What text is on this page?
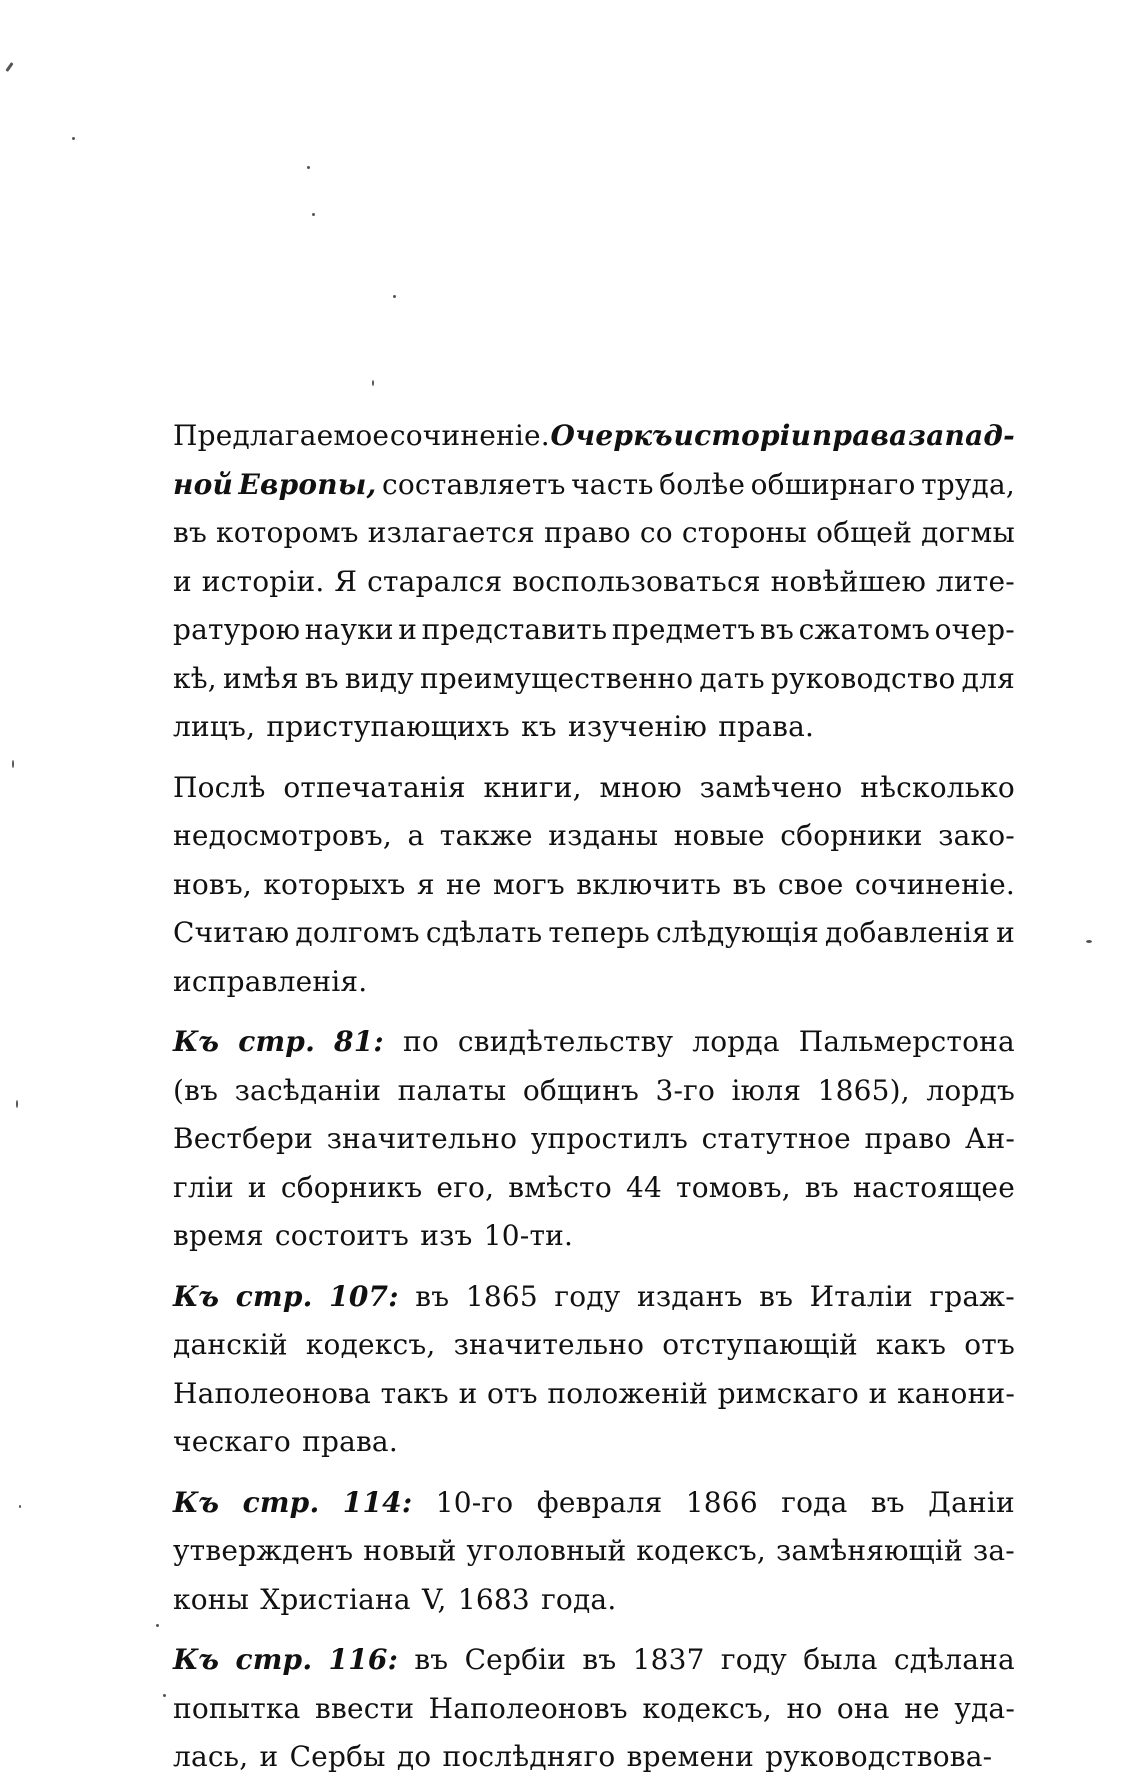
Предлагаемое сочиненіе. Очеркъ исторіи права запад-
ной Европы, составляетъ часть болѣе обширнаго труда,
въ которомъ излагается право со стороны общей догмы
и исторіи. Я старался воспользоваться новѣйшею лите-
ратурою науки и представить предметъ въ сжатомъ очер-
кѣ, имѣя въ виду преимущественно дать руководство для
лицъ, приступающихъ къ изученію права.
Послѣ отпечатанія книги, мною замѣчено нѣсколько
недосмотровъ, а также изданы новые сборники зако-
новъ, которыхъ я не могъ включить въ свое сочиненіе.
Считаю долгомъ сдѣлать теперь слѣдующія добавленія и
исправленія.
Къ стр. 81: по свидѣтельству лорда Пальмерстона
(въ засѣданіи палаты общинъ 3-го іюля 1865), лордъ
Вестбери значительно упростилъ статутное право Ан-
гліи и сборникъ его, вмѣсто 44 томовъ, въ настоящее
время состоитъ изъ 10-ти.
Къ стр. 107: въ 1865 году изданъ въ Италіи граж-
данскій кодексъ, значительно отступающій какъ отъ
Наполеонова такъ и отъ положеній римскаго и канони-
ческаго права.
Къ стр. 114: 10-го февраля 1866 года въ Даніи
утвержденъ новый уголовный кодексъ, замѣняющій за-
коны Христіана V, 1683 года.
Къ стр. 116: въ Сербіи въ 1837 году была сдѣлана
попытка ввести Наполеоновъ кодексъ, но она не уда-
лась, и Сербы до послѣдняго времени руководствова-
